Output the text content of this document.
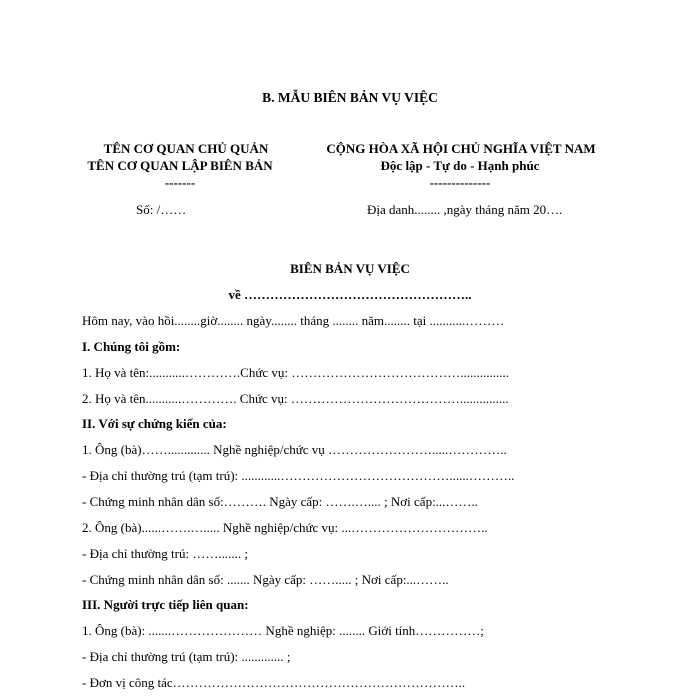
B. MẪU BIÊN BẢN VỤ VIỆC
TÊN CƠ QUAN CHỦ QUẢN
TÊN CƠ QUAN LẬP BIÊN BẢN
-------
CỘNG HÒA XÃ HỘI CHỦ NGHĨA VIỆT NAM
Độc lập - Tự do - Hạnh phúc
--------------
Số: /……	Địa danh........ ,ngày tháng năm 20….
BIÊN BẢN VỤ VIỆC
về ……………………………………………..
Hôm nay, vào hồi........giờ........ ngày........ tháng ........ năm........ tại ...........………
I. Chúng tôi gồm:
1. Họ và tên:...........………….Chức vụ: …………………………………...............
2. Họ và tên...........…………. Chức vụ: …………………………………...............
II. Với sự chứng kiến của:
1. Ông (bà)……............. Nghề nghiệp/chức vụ …………………….....…………..
- Địa chỉ thường trú (tạm trú): ............…………………………………......………..
- Chứng minh nhân dân số:………. Ngày cấp: …….….... ; Nơi cấp:...……..
2. Ông (bà)......…….…..... Nghề nghiệp/chức vụ: ...…………………………..
- Địa chỉ thường trú: ……....... ;
- Chứng minh nhân dân số: ....... Ngày cấp: ……..... ; Nơi cấp:...……..
III. Người trực tiếp liên quan:
1. Ông (bà): .......………………… Nghề nghiệp: ........ Giới tính……………;
- Địa chỉ thường trú (tạm trú): ............. ;
- Đơn vị công tác…………………………………………………………..
